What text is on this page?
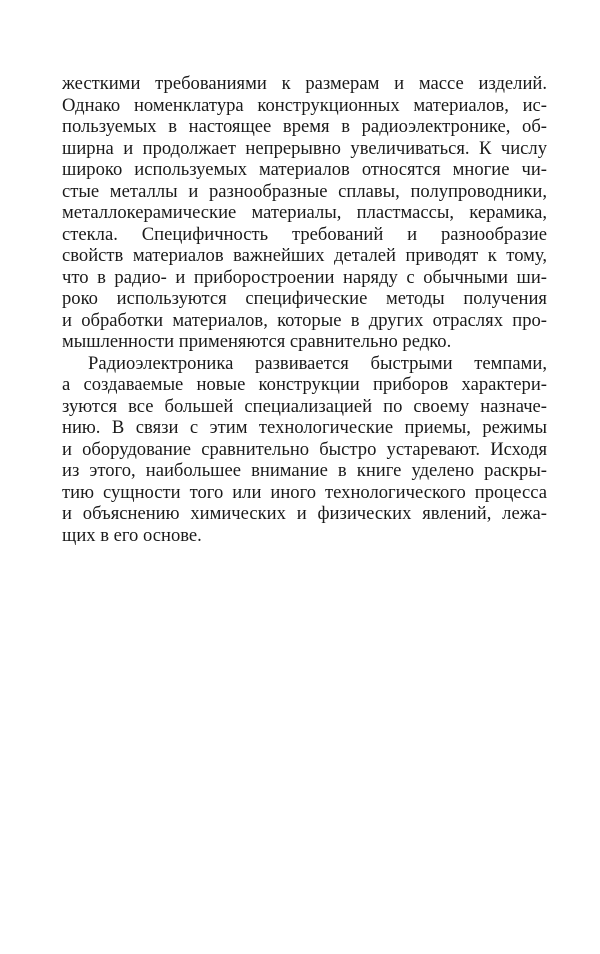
жесткими требованиями к размерам и массе изделий.
Однако номенклатура конструкционных материалов, ис-
пользуемых в настоящее время в радиоэлектронике, об-
ширна и продолжает непрерывно увеличиваться. К числу
широко используемых материалов относятся многие чи-
стые металлы и разнообразные сплавы, полупроводники,
металлокерамические материалы, пластмассы, керамика,
стекла. Специфичность требований и разнообразие
свойств материалов важнейших деталей приводят к тому,
что в радио- и приборостроении наряду с обычными ши-
роко используются специфические методы получения
и обработки материалов, которые в других отраслях про-
мышленности применяются сравнительно редко.
Радиоэлектроника развивается быстрыми темпами,
а создаваемые новые конструкции приборов характери-
зуются все большей специализацией по своему назначе-
нию. В связи с этим технологические приемы, режимы
и оборудование сравнительно быстро устаревают. Исходя
из этого, наибольшее внимание в книге уделено раскры-
тию сущности того или иного технологического процесса
и объяснению химических и физических явлений, лежа-
щих в его основе.
